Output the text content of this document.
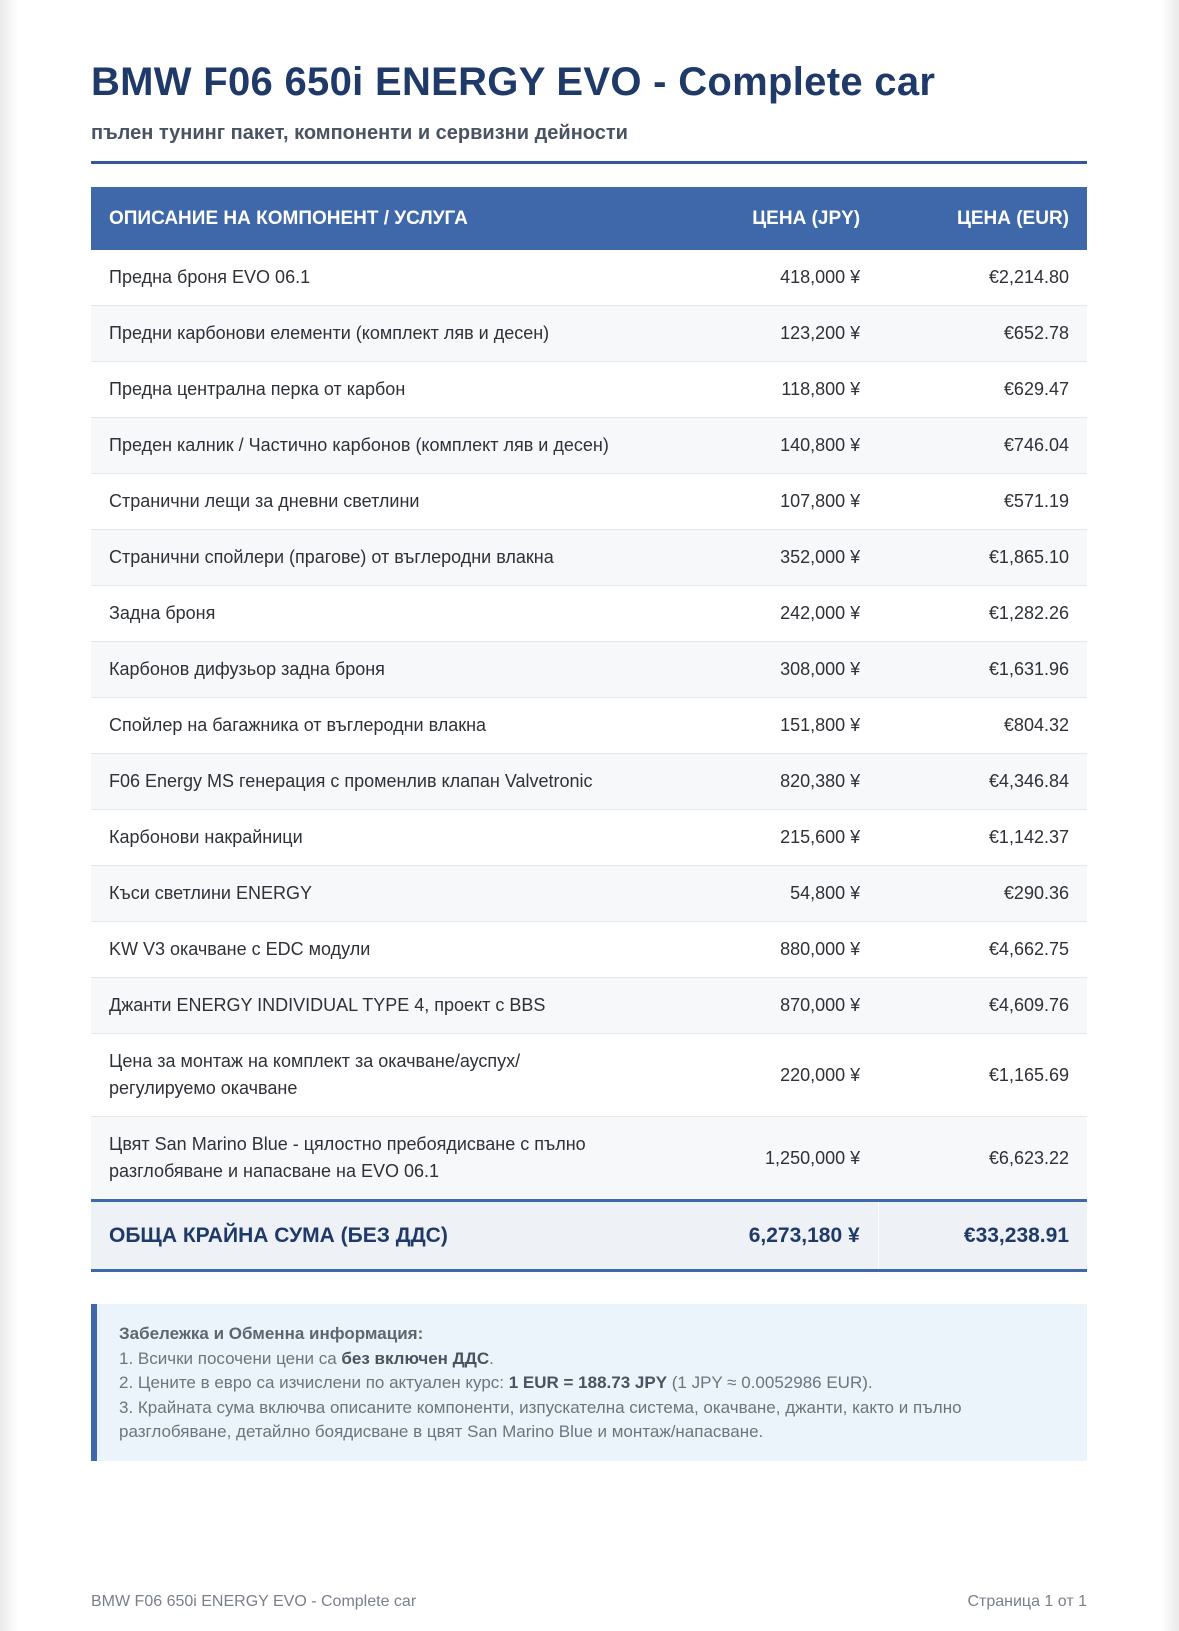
BMW F06 650i ENERGY EVO - Complete car
пълен тунинг пакет, компоненти и сервизни дейности
ОПИСАНИЕ НА КОМПОНЕНТ / УСЛУГА	ЦЕНА (JPY)	ЦЕНА (EUR)
Предна броня EVO 06.1	418,000 ¥	€2,214.80
Предни карбонови елементи (комплект ляв и десен)	123,200 ¥	€652.78
Предна централна перка от карбон	118,800 ¥	€629.47
Преден калник / Частично карбонов (комплект ляв и десен)	140,800 ¥	€746.04
Странични лещи за дневни светлини	107,800 ¥	€571.19
Странични спойлери (прагове) от въглеродни влакна	352,000 ¥	€1,865.10
Задна броня	242,000 ¥	€1,282.26
Карбонов дифузьор задна броня	308,000 ¥	€1,631.96
Спойлер на багажника от въглеродни влакна	151,800 ¥	€804.32
F06 Energy MS генерация с променлив клапан Valvetronic	820,380 ¥	€4,346.84
Карбонови накрайници	215,600 ¥	€1,142.37
Къси светлини ENERGY	54,800 ¥	€290.36
KW V3 окачване с EDC модули	880,000 ¥	€4,662.75
Джанти ENERGY INDIVIDUAL TYPE 4, проект с BBS	870,000 ¥	€4,609.76
Цена за монтаж на комплект за окачване/ауспух/
регулируемо окачване	220,000 ¥	€1,165.69
Цвят San Marino Blue - цялостно пребоядисване с пълно
разглобяване и напасване на EVO 06.1	1,250,000 ¥	€6,623.22
ОБЩА КРАЙНА СУМА (БЕЗ ДДС)	6,273,180 ¥	€33,238.91
Забележка и Обменна информация:
1. Всички посочени цени са без включен ДДС.
2. Цените в евро са изчислени по актуален курс: 1 EUR = 188.73 JPY (1 JPY ≈ 0.0052986 EUR).
3. Крайната сума включва описаните компоненти, изпускателна система, окачване, джанти, както и пълно
разглобяване, детайлно боядисване в цвят San Marino Blue и монтаж/напасване.
BMW F06 650i ENERGY EVO - Complete car	Страница 1 от 1
